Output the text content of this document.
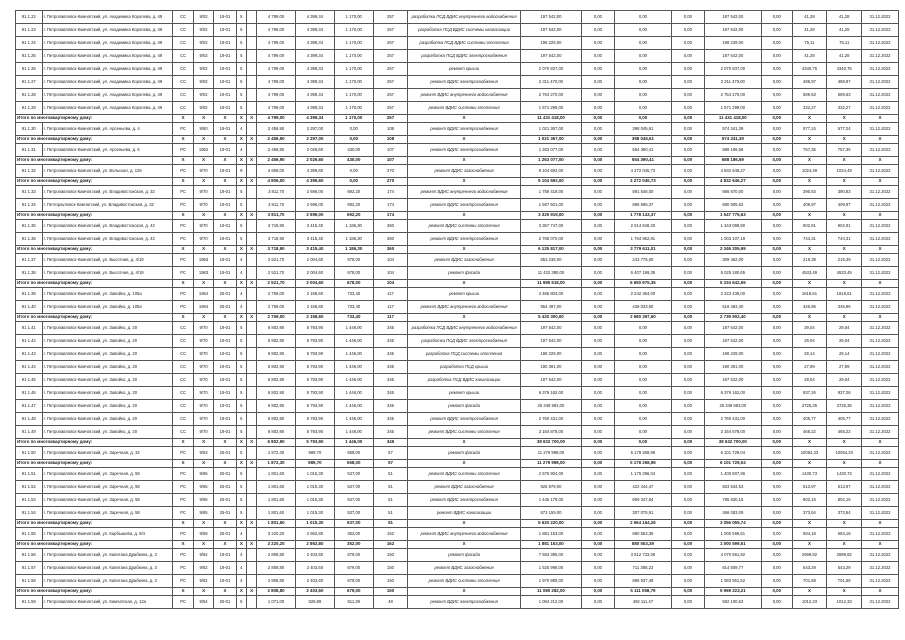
91 1.22	г. Петропавловск-Камчатский, ул. Академика Королева, д. 49	СС	9/02	19-01	5		4 799,00	4 399,34	1 170,00	257	разработка ПСД ВДИС внутреннего водоснабжения	197 542,00	0,00	0,00	0,00	197 542,00	0,00	41,28	41,28	31.12.2022
91 1.23	г. Петропавловск-Камчатский, ул. Академика Королева, д. 49	СС	9/02	19-01	5		4 799,00	4 399,34	1 170,00	257	разработка ПСД ВДИС системы канализации	197 542,00	0,00	0,00	0,00	197 542,00	0,00	41,28	41,28	31.12.2022
91 1.24	г. Петропавловск-Камчатский, ул. Академика Королева, д. 49	СС	9/02	19-01	5		4 799,00	4 399,34	1 170,00	257	разработка ПСД ВДИС системы отопления	198 229,00	0,00	0,00	0,00	198 229,00	0,00	75,11	75,11	31.12.2022
91 1.25	г. Петропавловск-Камчатский, ул. Академика Королева, д. 49	СС	9/02	19-01	5		4 799,00	4 399,34	1 170,00	257	разработка ПСД ВДИС электроснабжения	197 542,00	0,00	0,00	0,00	197 542,00	0,00	41,28	41,28	31.12.2022
91 1.26	г. Петропавловск-Камчатский, ул. Академика Королева, д. 49	СС	9/02	19-01	5		4 799,00	4 399,34	1 170,00	257	ремонт крыши	2 070 837,00	0,00	0,00	0,00	2 070 837,00	0,00	4340,75	4340,75	31.12.2022
91 1.27	г. Петропавловск-Камчатский, ул. Академика Королева, д. 49	СС	9/02	19-01	5		4 799,00	4 399,34	1 170,00	257	ремонт ВДИС электроснабжения	2 311 470,00	0,00	0,00	0,00	2 311 470,00	0,00	488,97	488,97	31.12.2022
91 1.28	г. Петропавловск-Камчатский, ул. Академика Королева, д. 49	СС	9/02	19-01	5		4 799,00	4 399,34	1 170,00	257	ремонт ВДИС внутреннего водоснабжения	2 754 270,00	0,00	0,00	0,00	2 754 270,00	0,00	589,63	589,63	31.12.2022
91 1.29	г. Петропавловск-Камчатский, ул. Академика Королева, д. 49	СС	9/02	19-01	5		4 799,00	4 399,34	1 170,00	257	ремонт ВДИС системы отопления	1 571 299,00	0,00	0,00	0,00	1 571 299,00	0,00	332,27	332,27	31.12.2022
Итого по многоквартирному дому:		X	X	X	X	X	4 799,00	4 399,34	1 170,00	257	X	11 431 418,00	0,00	0,00	0,00	11 431 418,00	0,00	X	X	X
91 1.30	г. Петропавловск-Камчатский, ул. Арсеньева, д. 4	РС	9/60	19-01	4		2 456,90	2 297,00	0,00	108	ремонт ВДИС электроснабжения	1 021 367,00	0,00	398 045,61	0,00	574 341,39	0,00	577,24	577,24	31.12.2022
Итого по многоквартирному дому:		X	X	X	X	X	2 456,90	2 297,00	0,00	108	X	1 021 367,00	0,00	398 045,61	0,00	574 341,39	0,00	X	X	X
91 1.31	г. Петропавловск-Камчатский, ул. Арсеньева, д. 6	РС	1962	19-01	4		2 456,90	2 026,60	430,00	107	ремонт ВДИС электроснабжения	1 263 077,00	0,00	554 390,41	0,00	688 186,59	0,00	757,35	757,35	31.12.2022
Итого по многоквартирному дому:		X	X	X	X	X	2 456,90	2 026,60	430,00	107	X	1 263 077,00	0,00	554 390,41	0,00	688 186,59	0,00	X	X	X
91 1.32	г. Петропавловск-Камчатский, ул. Вольская, д. 125	РС	9/70	19-01	9		4 806,00	4 399,60	0,00	270	ремонт ВДИС газоснабжения	9 104 692,00	0,00	4 272 045,73	0,00	4 832 646,27	0,00	1024,49	1024,49	31.12.2022
Итого по многоквартирному дому:		X	X	X	X	X	4 806,00	4 399,60	0,00	270	X	9 104 692,00	0,00	4 272 045,73	0,00	4 832 646,27	0,00	X	X	X
91 1.33	г. Петропавловск-Камчатский, ул. Владивостокская, д. 32	РС	9/70	19-01	5		3 811,70	2 696,00	692,20	174	ремонт ВДИС внутреннего водоснабжения	1 758 418,00	0,00	891 548,00	0,00	866 870,00	0,00	390,83	390,83	31.12.2022
91 1.34	г. Петropavловск-Камчатский, ул. Владивостокская, д. 32	РС	9/70	19-01	5		3 811,70	2 696,00	692,20	174	ремонт ВДИС электроснабжения	1 567 501,00	0,00	886 595,37	0,00	680 905,63	0,00	409,97	409,97	31.12.2022
Итого по многоквартирному дому:		X	X	X	X	X	3 811,70	2 696,00	692,20	174	X	3 325 919,00	0,00	1 778 143,37	0,00	1 547 775,63	0,00	X	X	X
91 1.35	г. Петропавловск-Камчатский, ул. Владивостокская, д. 43	РС	9/70	19-01	5		3 718,90	3 415,40	1 186,30	360	ремонт ВДИС системы отопления	3 357 747,00	0,00	2 014 648,20	0,00	1 343 098,80	0,00	902,91	902,91	31.12.2022
91 1.36	г. Петропавловск-Камчатский, ул. Владивостокская, д. 43	РС	9/70	19-01	5		3 718,90	3 415,40	1 186,30	360	ремонт ВДИС электроснабжения	2 768 070,00	0,00	1 764 962,81	0,00	1 003 107,19	0,00	744,31	744,31	31.12.2022
Итого по многоквартирному дому:		X	X	X	X	X	3 718,90	3 415,40	1 186,30	360	X	6 125 817,00	0,00	3 779 611,01	0,00	2 346 205,99	0,00	X	X	X
91 1.37	г. Петропавловск-Камчатский, ул. Высотная, д. 4/19	РС	1963	19-01	4		2 521,70	2 004,60	678,00	104	ремонт ВДИС газоснабжения	553 238,00	0,00	243 776,00	0,00	309 462,00	0,00	219,39	219,39	31.12.2022
91 1.38	г. Петропавловск-Камчатский, ул. Высотная, д. 4/19	РС	1963	19-01	4		2 521,70	2 004,60	678,00	104	ремонт фасада	11 432 380,00	0,00	6 407 199,35	0,00	5 025 180,65	0,00	4533,49	4533,49	31.12.2022
Итого по многоквартирному дому:		X	X	X	X	X	2 521,70	2 004,60	678,00	104	X	11 985 618,00	0,00	6 650 975,35	0,00	5 334 642,65	0,00	X	X	X
91 1.39	г. Петропавловск-Камчатский, ул. Завойко, д. 105а	РС	1964	25-01	4		2 759,00	2 158,60	733,40	117	ремонт крыши	4 465 803,00	0,00	2 242 364,00	0,00	2 223 439,00	0,00	1618,61	1618,61	31.12.2022
91 1.40	г. Петропавловск-Камчатский, ул. Завойко, д. 105а	РС	1964	25-01	4		2 759,00	2 158,60	733,40	117	ремонт ВДИС внутреннего водоснабжения	954 497,00	0,00	438 033,60	0,00	516 463,40	0,00	345,96	345,96	31.12.2022
Итого по многоквартирному дому:		X	X	X	X	X	2 759,00	2 158,60	733,40	117	X	5 420 300,00	0,00	2 680 397,60	0,00	2 739 902,40	0,00	X	X	X
91 1.41	г. Петропавловск-Камчатский, ул. Завойко, д. 20	СС	9/70	19-01	5		6 802,90	5 793,90	1 446,00	345	разработка ПСД ВДИС внутреннего водоснабжения	197 542,00	0,00	0,00	0,00	197 542,00	0,00	29,04	29,04	31.12.2022
91 1.42	г. Петропавловск-Камчатский, ул. Завойко, д. 20	СС	9/70	19-01	5		6 802,90	5 793,90	1 446,00	345	разработка ПСД ВДИС электроснабжения	197 542,00	0,00	0,00	0,00	197 542,00	0,00	29,04	29,04	31.12.2022
91 1.43	г. Петропавловск-Камчатский, ул. Завойко, д. 20	СС	9/70	19-01	5		6 802,90	5 793,90	1 446,00	345	разработка ПСД системы отопления	198 229,00	0,00	0,00	0,00	198 229,00	0,00	29,14	29,14	31.12.2022
91 1.44	г. Петропавловск-Камчатский, ул. Завойко, д. 20	СС	9/70	19-01	5		6 802,90	5 793,90	1 446,00	345	разработка ПСД крыши	190 391,00	0,00	0,00	0,00	190 391,00	0,00	27,99	27,99	31.12.2022
91 1.45	г. Петропавловск-Камчатский, ул. Завойко, д. 20	СС	9/70	19-01	5		6 802,90	5 793,90	1 446,00	345	разработка ПСД ВДИС канализации	197 542,00	0,00	0,00	0,00	197 542,00	0,00	29,04	29,04	31.12.2022
91 1.46	г. Петропавловск-Камчатский, ул. Завойко, д. 20	СС	9/70	19-01	5		6 802,90	5 793,90	1 446,00	345	ремонт крыши	6 376 162,00	0,00	0,00	0,00	6 376 162,00	0,00	937,26	937,26	31.12.2022
91 1.47	г. Петропавловск-Камчатский, ул. Завойко, д. 20	СС	9/70	19-01	5		6 802,90	5 793,90	1 446,00	345	ремонт фасада	25 349 983,00	0,00	0,00	0,00	25 349 983,00	0,00	3726,35	3726,35	31.12.2022
91 1.48	г. Петропавловск-Камчатский, ул. Завойко, д. 20	СС	9/70	19-01	5		6 802,90	5 793,90	1 446,00	345	ремонт ВДИС электроснабжения	2 760 431,00	0,00	0,00	0,00	2 760 431,00	0,00	405,77	405,77	31.12.2022
91 1.49	г. Петропавловск-Камчатский, ул. Завойко, д. 20	СС	9/70	19-01	5		6 802,90	5 793,90	1 446,00	345	ремонт ВДИС системы отопления	3 164 878,00	0,00	0,00	0,00	3 164 878,00	0,00	465,22	465,22	31.12.2022
Итого по многоквартирному дому:		X	X	X	X	X	6 802,90	5 793,90	1 446,00	345	X	38 632 700,00	0,00	0,00	0,00	38 632 700,00	0,00	X	X	X
91 1.50	г. Петропавловск-Камчатский, ул. Зарeчная, д. 32	РС	9/53	25-01	5		1 872,30	989,70	658,00	57	ремонт фасада	11 279 998,00	0,00	5 178 268,96	0,00	6 101 729,04	0,00	10054,33	10054,33	31.12.2022
Итого по многоквартирному дому:		X	X	X	X	X	1 872,30	989,70	658,00	57	X	11 279 998,00	0,00	5 178 268,96	0,00	6 101 729,04	0,00	X	X	X
91 1.51	г. Петропавловск-Камчатский, ул. Зарeчная, д. 58	РС	9/65	25-01	5		1 801,60	1 015,30	537,00	51	ремонт ВДИС системы отопления	2 575 904,00	0,00	1 175 296,04	0,00	1 400 607,96	0,00	1430,73	1430,73	31.12.2022
91 1.52	г. Петропавловск-Камчатский, ул. Зарeчная, д. 58	РС	9/65	25-01	5		1 801,60	1 015,30	537,00	51	ремонт ВДИС газоснабжения	925 979,00	0,00	422 444,47	0,00	503 534,53	0,00	513,97	513,97	31.12.2022
91 1.53	г. Петропавловск-Камчатский, ул. Зарeчная, д. 58	РС	9/65	25-01	5		1 801,60	1 015,30	537,00	51	ремонт ВДИС электроснабжения	1 445 178,00	0,00	659 347,84	0,00	785 830,16	0,00	802,16	802,16	31.12.2022
91 1.54	г. Петропавловск-Камчатский, ул. Зарeчная, д. 58	РС	9/65	25-01	5		1 801,60	1 015,30	537,00	51	ремонт ВДИС канализации	673 159,00	0,00	307 075,91	0,00	366 083,09	0,00	373,64	373,64	31.12.2022
Итого по многоквартирному дому:		X	X	X	X	X	1 801,60	1 015,30	537,00	51	X	5 620 220,00	0,00	2 564 164,26	0,00	3 056 055,74	0,00	X	X	X
91 1.55	г. Петропавловск-Камчатский, ул. Карбышева, д. 9/4	РС	9/59	25-01	4		3 220,20	2 862,80	352,00	162	ремонт ВДИС внутреннего водоснабжения	1 881 153,00	0,00	880 553,39	0,00	1 000 599,61	0,00	584,18	584,18	31.12.2022
Итого по многоквартирному дому:		X	X	X	X	X	3 220,20	2 862,80	352,00	162	X	1 881 153,00	0,00	880 553,39	0,00	1 000 599,61	0,00	X	X	X
91 1.56	г. Петропавловск-Камчатский, ул. Капитана Драбкина, д. 3	РС	9/62	19-01	4		2 808,80	2 403,60	679,00	150	ремонт фасада	7 583 395,00	0,00	3 512 733,08	0,00	4 070 661,92	0,00	2699,82	2699,82	31.12.2022
91 1.57	г. Петропавловск-Камчатский, ул. Капитана Драбкина, д. 3	РС	9/62	19-01	4		2 808,80	2 403,60	679,00	150	ремонт ВДИС газоснабжения	1 525 998,00	0,00	711 388,23	0,00	814 609,77	0,00	543,29	543,29	31.12.2022
91 1.58	г. Петропавловск-Камчатский, ул. Капитана Драбкина, д. 3	РС	9/62	19-01	4		2 808,80	2 403,60	679,00	150	ремонт ВДИС системы отопления	1 970 889,00	0,00	886 937,48	0,00	1 083 951,52	0,00	701,68	701,68	31.12.2022
Итого по многоквартирному дому:		X	X	X	X	X	2 808,80	2 403,60	679,00	150	X	11 080 282,00	0,00	5 111 058,79	0,00	5 969 223,21	0,00	X	X	X
91 1.59	г. Петропавловск-Камчатский, ул. Камчатская, д. 12а	РС	9/54	25-01	5		1 071,00	929,89	611,39	48	ремонт ВДИС электроснабжения	1 084 212,00	0,00	492 111,47	0,00	592 100,53	0,00	1012,33	1012,33	31.12.2022
